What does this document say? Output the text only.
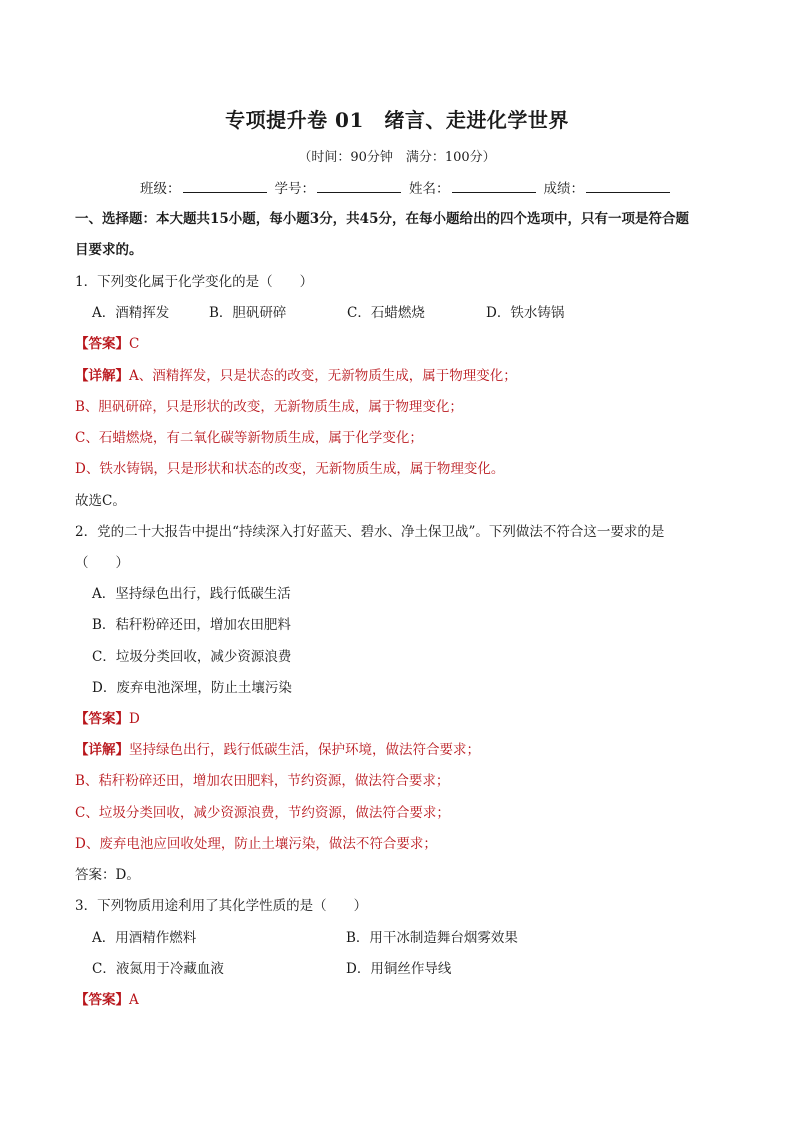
专项提升卷 01　绪言、走进化学世界
（时间：90分钟　满分：100分）
班级：	学号：	姓名：	成绩：
一、选择题：本大题共15小题，每小题3分，共45分，在每小题给出的四个选项中，只有一项是符合题
目要求的。
1．下列变化属于化学变化的是（　　）
A．酒精挥发	B．胆矾研碎	C．石蜡燃烧	D．铁水铸锅
【答案】C
【详解】A、酒精挥发，只是状态的改变，无新物质生成，属于物理变化；
B、胆矾研碎，只是形状的改变，无新物质生成，属于物理变化；
C、石蜡燃烧，有二氧化碳等新物质生成，属于化学变化；
D、铁水铸锅，只是形状和状态的改变，无新物质生成，属于物理变化。
故选C。
2．党的二十大报告中提出“持续深入打好蓝天、碧水、净土保卫战”。下列做法不符合这一要求的是
（　　）
A．坚持绿色出行，践行低碳生活
B．秸秆粉碎还田，增加农田肥料
C．垃圾分类回收，减少资源浪费
D．废弃电池深埋，防止土壤污染
【答案】D
【详解】坚持绿色出行，践行低碳生活，保护环境，做法符合要求；
B、秸秆粉碎还田，增加农田肥料，节约资源，做法符合要求；
C、垃圾分类回收，减少资源浪费，节约资源，做法符合要求；
D、废弃电池应回收处理，防止土壤污染，做法不符合要求；
答案：D。
3．下列物质用途利用了其化学性质的是（　　）
A．用酒精作燃料	B．用干冰制造舞台烟雾效果
C．液氮用于冷藏血液	D．用铜丝作导线
【答案】A
